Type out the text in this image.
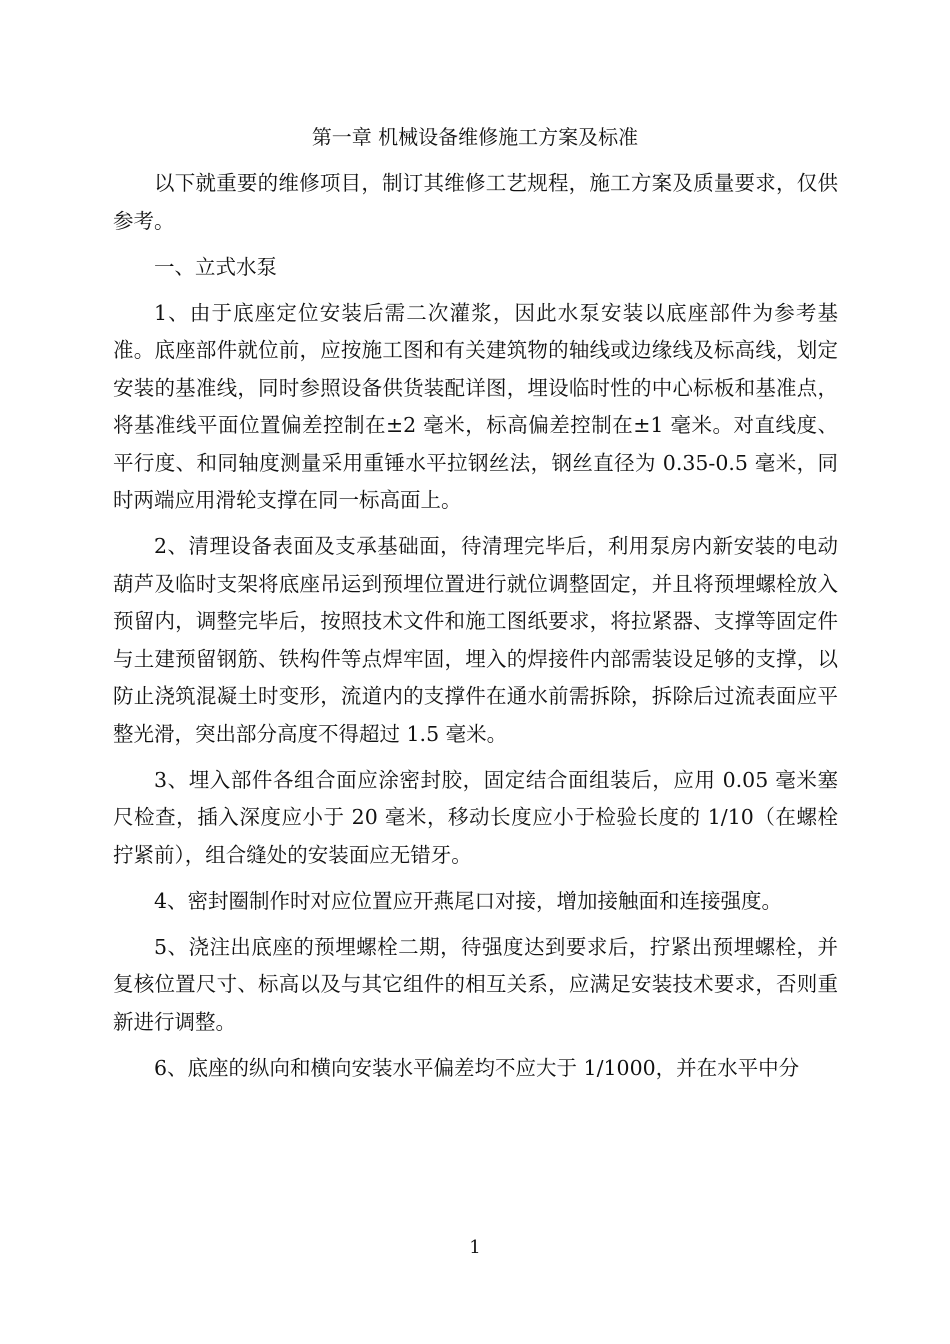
第一章 机械设备维修施工方案及标准

以下就重要的维修项目，制订其维修工艺规程，施工方案及质量要求，仅供参考。

一、立式水泵

1、由于底座定位安装后需二次灌浆，因此水泵安装以底座部件为参考基准。底座部件就位前，应按施工图和有关建筑物的轴线或边缘线及标高线，划定安装的基准线，同时参照设备供货装配详图，埋设临时性的中心标板和基准点，将基准线平面位置偏差控制在±2 毫米，标高偏差控制在±1 毫米。对直线度、平行度、和同轴度测量采用重锤水平拉钢丝法，钢丝直径为 0.35-0.5 毫米，同时两端应用滑轮支撑在同一标高面上。

2、清理设备表面及支承基础面，待清理完毕后，利用泵房内新安装的电动葫芦及临时支架将底座吊运到预埋位置进行就位调整固定，并且将预埋螺栓放入预留内，调整完毕后，按照技术文件和施工图纸要求，将拉紧器、支撑等固定件与土建预留钢筋、铁构件等点焊牢固，埋入的焊接件内部需装设足够的支撑，以防止浇筑混凝土时变形，流道内的支撑件在通水前需拆除，拆除后过流表面应平整光滑，突出部分高度不得超过 1.5 毫米。

3、埋入部件各组合面应涂密封胶，固定结合面组装后，应用 0.05 毫米塞尺检查，插入深度应小于 20 毫米，移动长度应小于检验长度的 1/10（在螺栓拧紧前），组合缝处的安装面应无错牙。

4、密封圈制作时对应位置应开燕尾口对接，增加接触面和连接强度。

5、浇注出底座的预埋螺栓二期，待强度达到要求后，拧紧出预埋螺栓，并复核位置尺寸、标高以及与其它组件的相互关系，应满足安装技术要求，否则重新进行调整。

6、底座的纵向和横向安装水平偏差均不应大于 1/1000，并在水平中分

1
